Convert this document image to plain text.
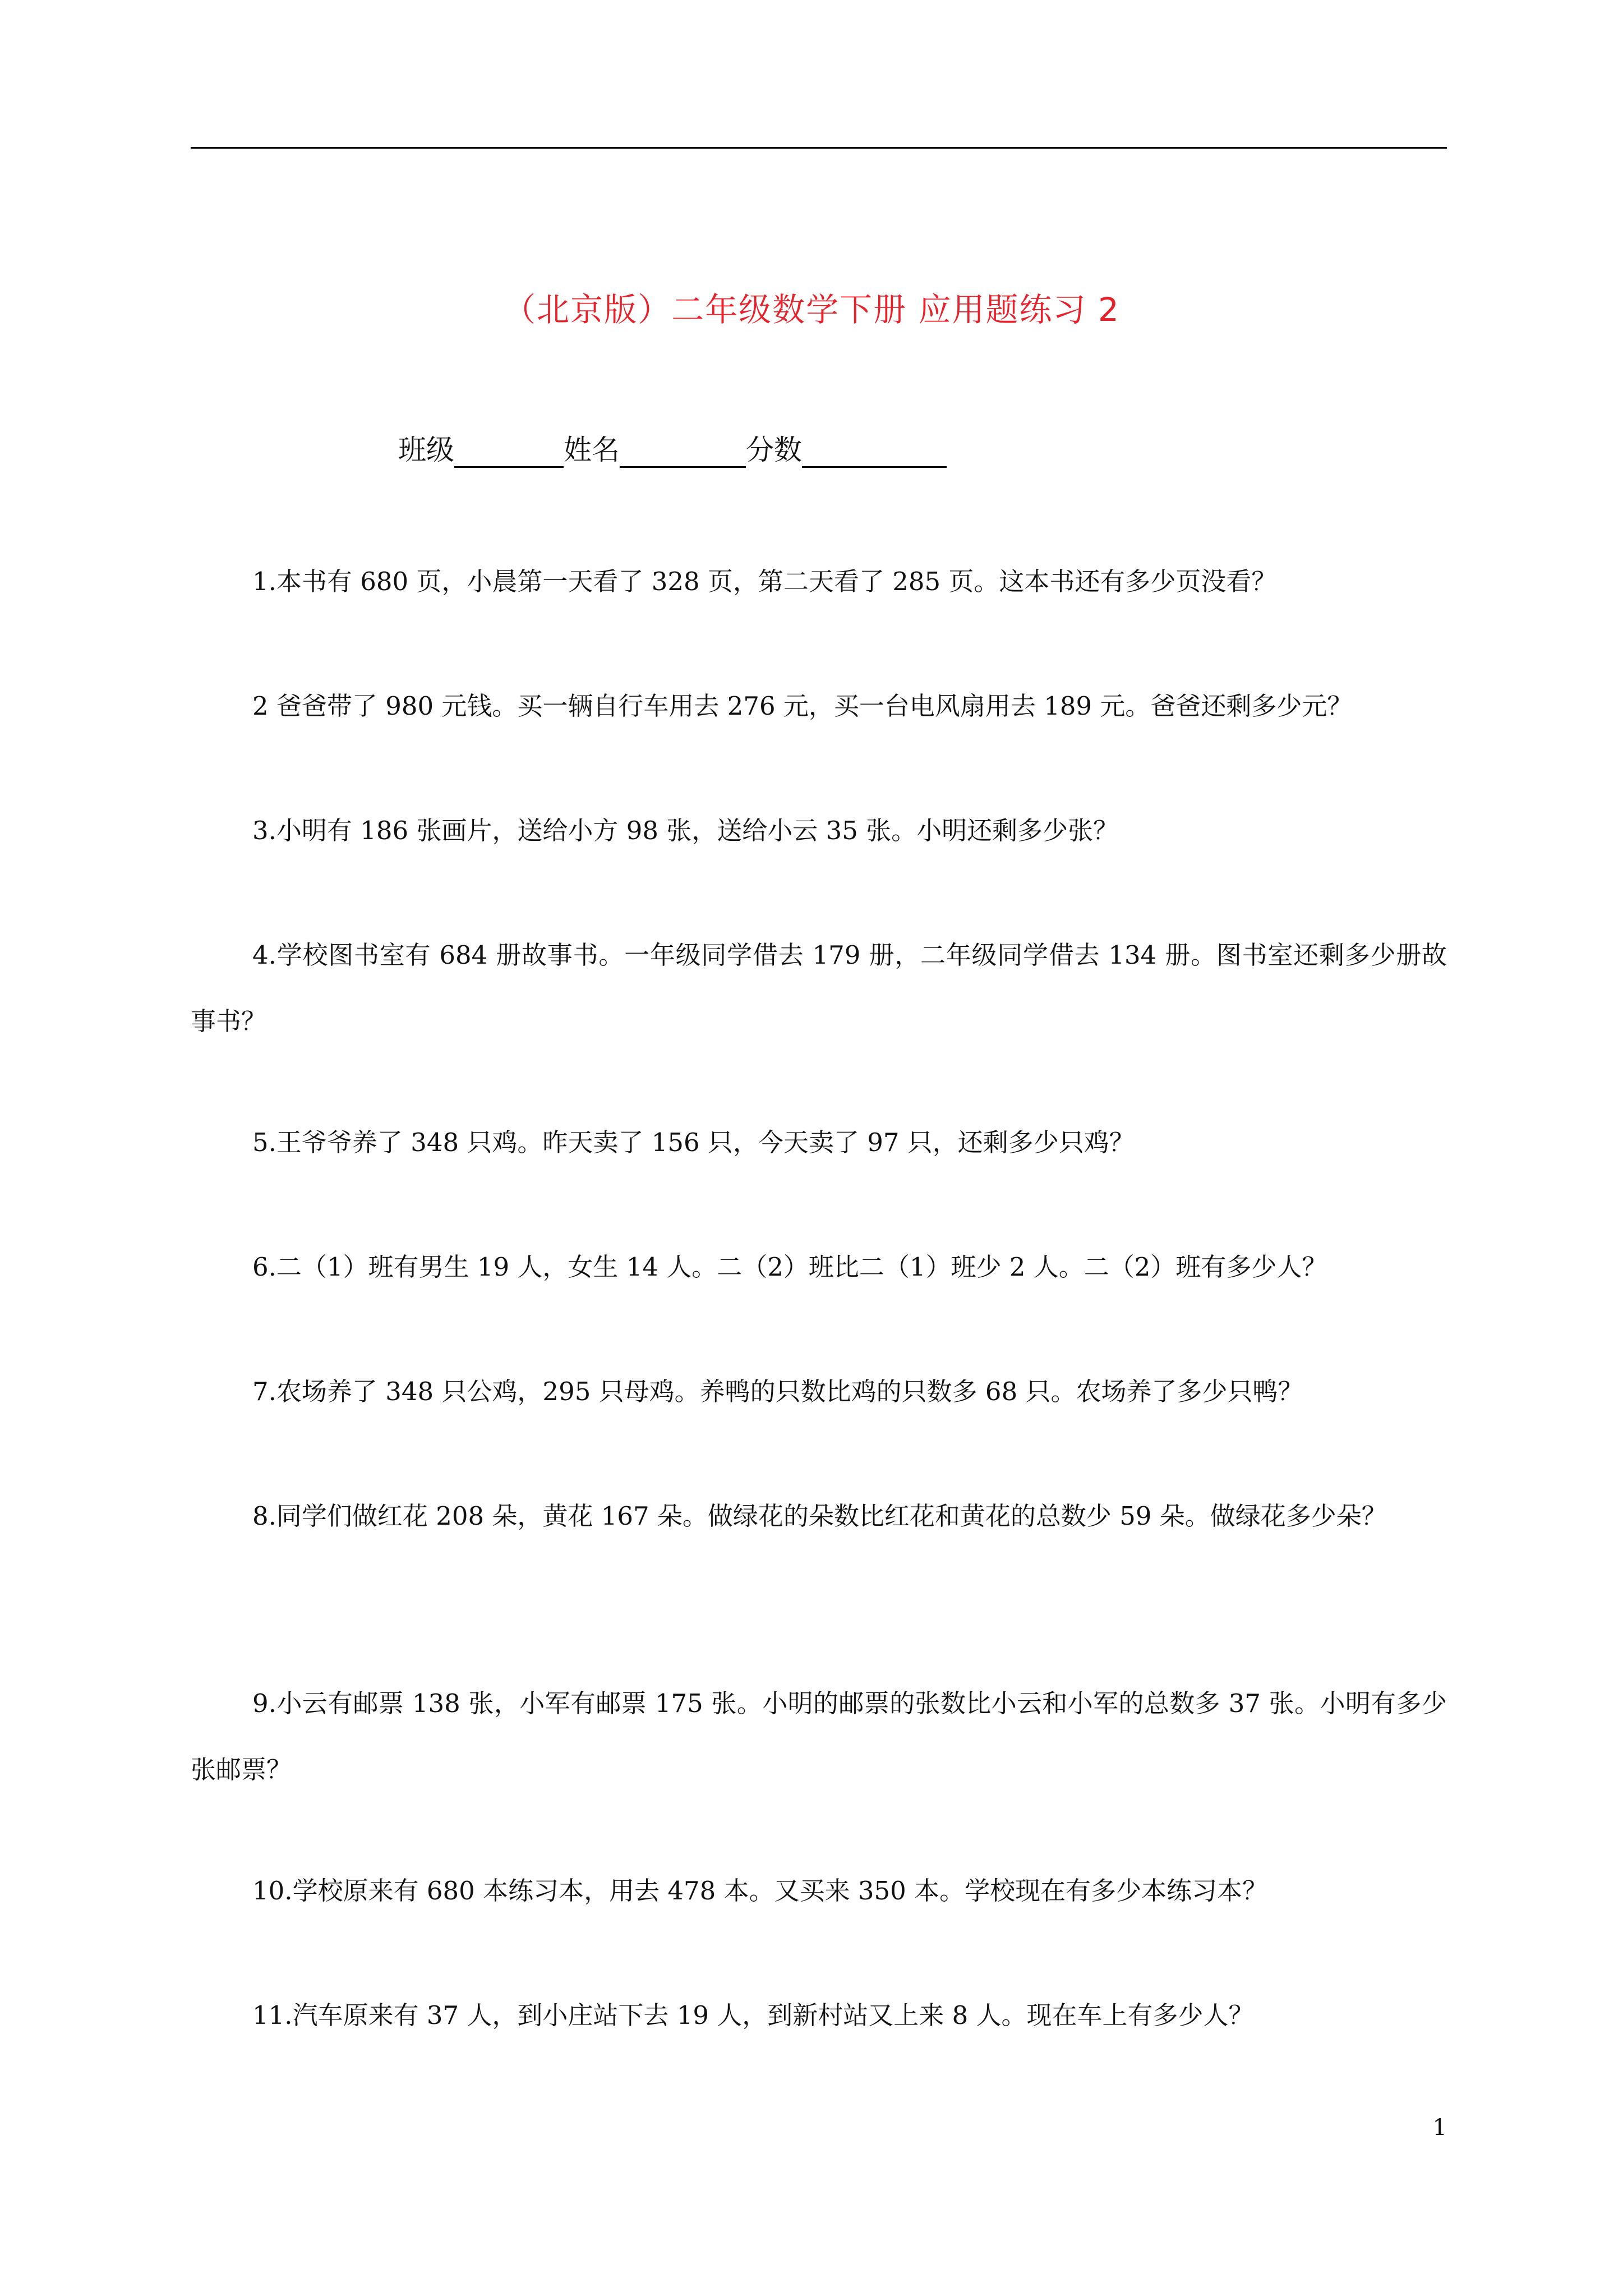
（北京版）二年级数学下册 应用题练习 2
班级	姓名	分数

1.本书有 680 页，小晨第一天看了 328 页，第二天看了 285 页。这本书还有多少页没看？

2 爸爸带了 980 元钱。买一辆自行车用去 276 元，买一台电风扇用去 189 元。爸爸还剩多少元？

3.小明有 186 张画片，送给小方 98 张，送给小云 35 张。小明还剩多少张？

4.学校图书室有 684 册故事书。一年级同学借去 179 册，二年级同学借去 134 册。图书室还剩多少册故事书？

5.王爷爷养了 348 只鸡。昨天卖了 156 只，今天卖了 97 只，还剩多少只鸡？

6.二（1）班有男生 19 人，女生 14 人。二（2）班比二（1）班少 2 人。二（2）班有多少人？

7.农场养了 348 只公鸡，295 只母鸡。养鸭的只数比鸡的只数多 68 只。农场养了多少只鸭？

8.同学们做红花 208 朵，黄花 167 朵。做绿花的朵数比红花和黄花的总数少 59 朵。做绿花多少朵？

9.小云有邮票 138 张，小军有邮票 175 张。小明的邮票的张数比小云和小军的总数多 37 张。小明有多少张邮票？

10.学校原来有 680 本练习本，用去 478 本。又买来 350 本。学校现在有多少本练习本？

11.汽车原来有 37 人，到小庄站下去 19 人，到新村站又上来 8 人。现在车上有多少人？

1
